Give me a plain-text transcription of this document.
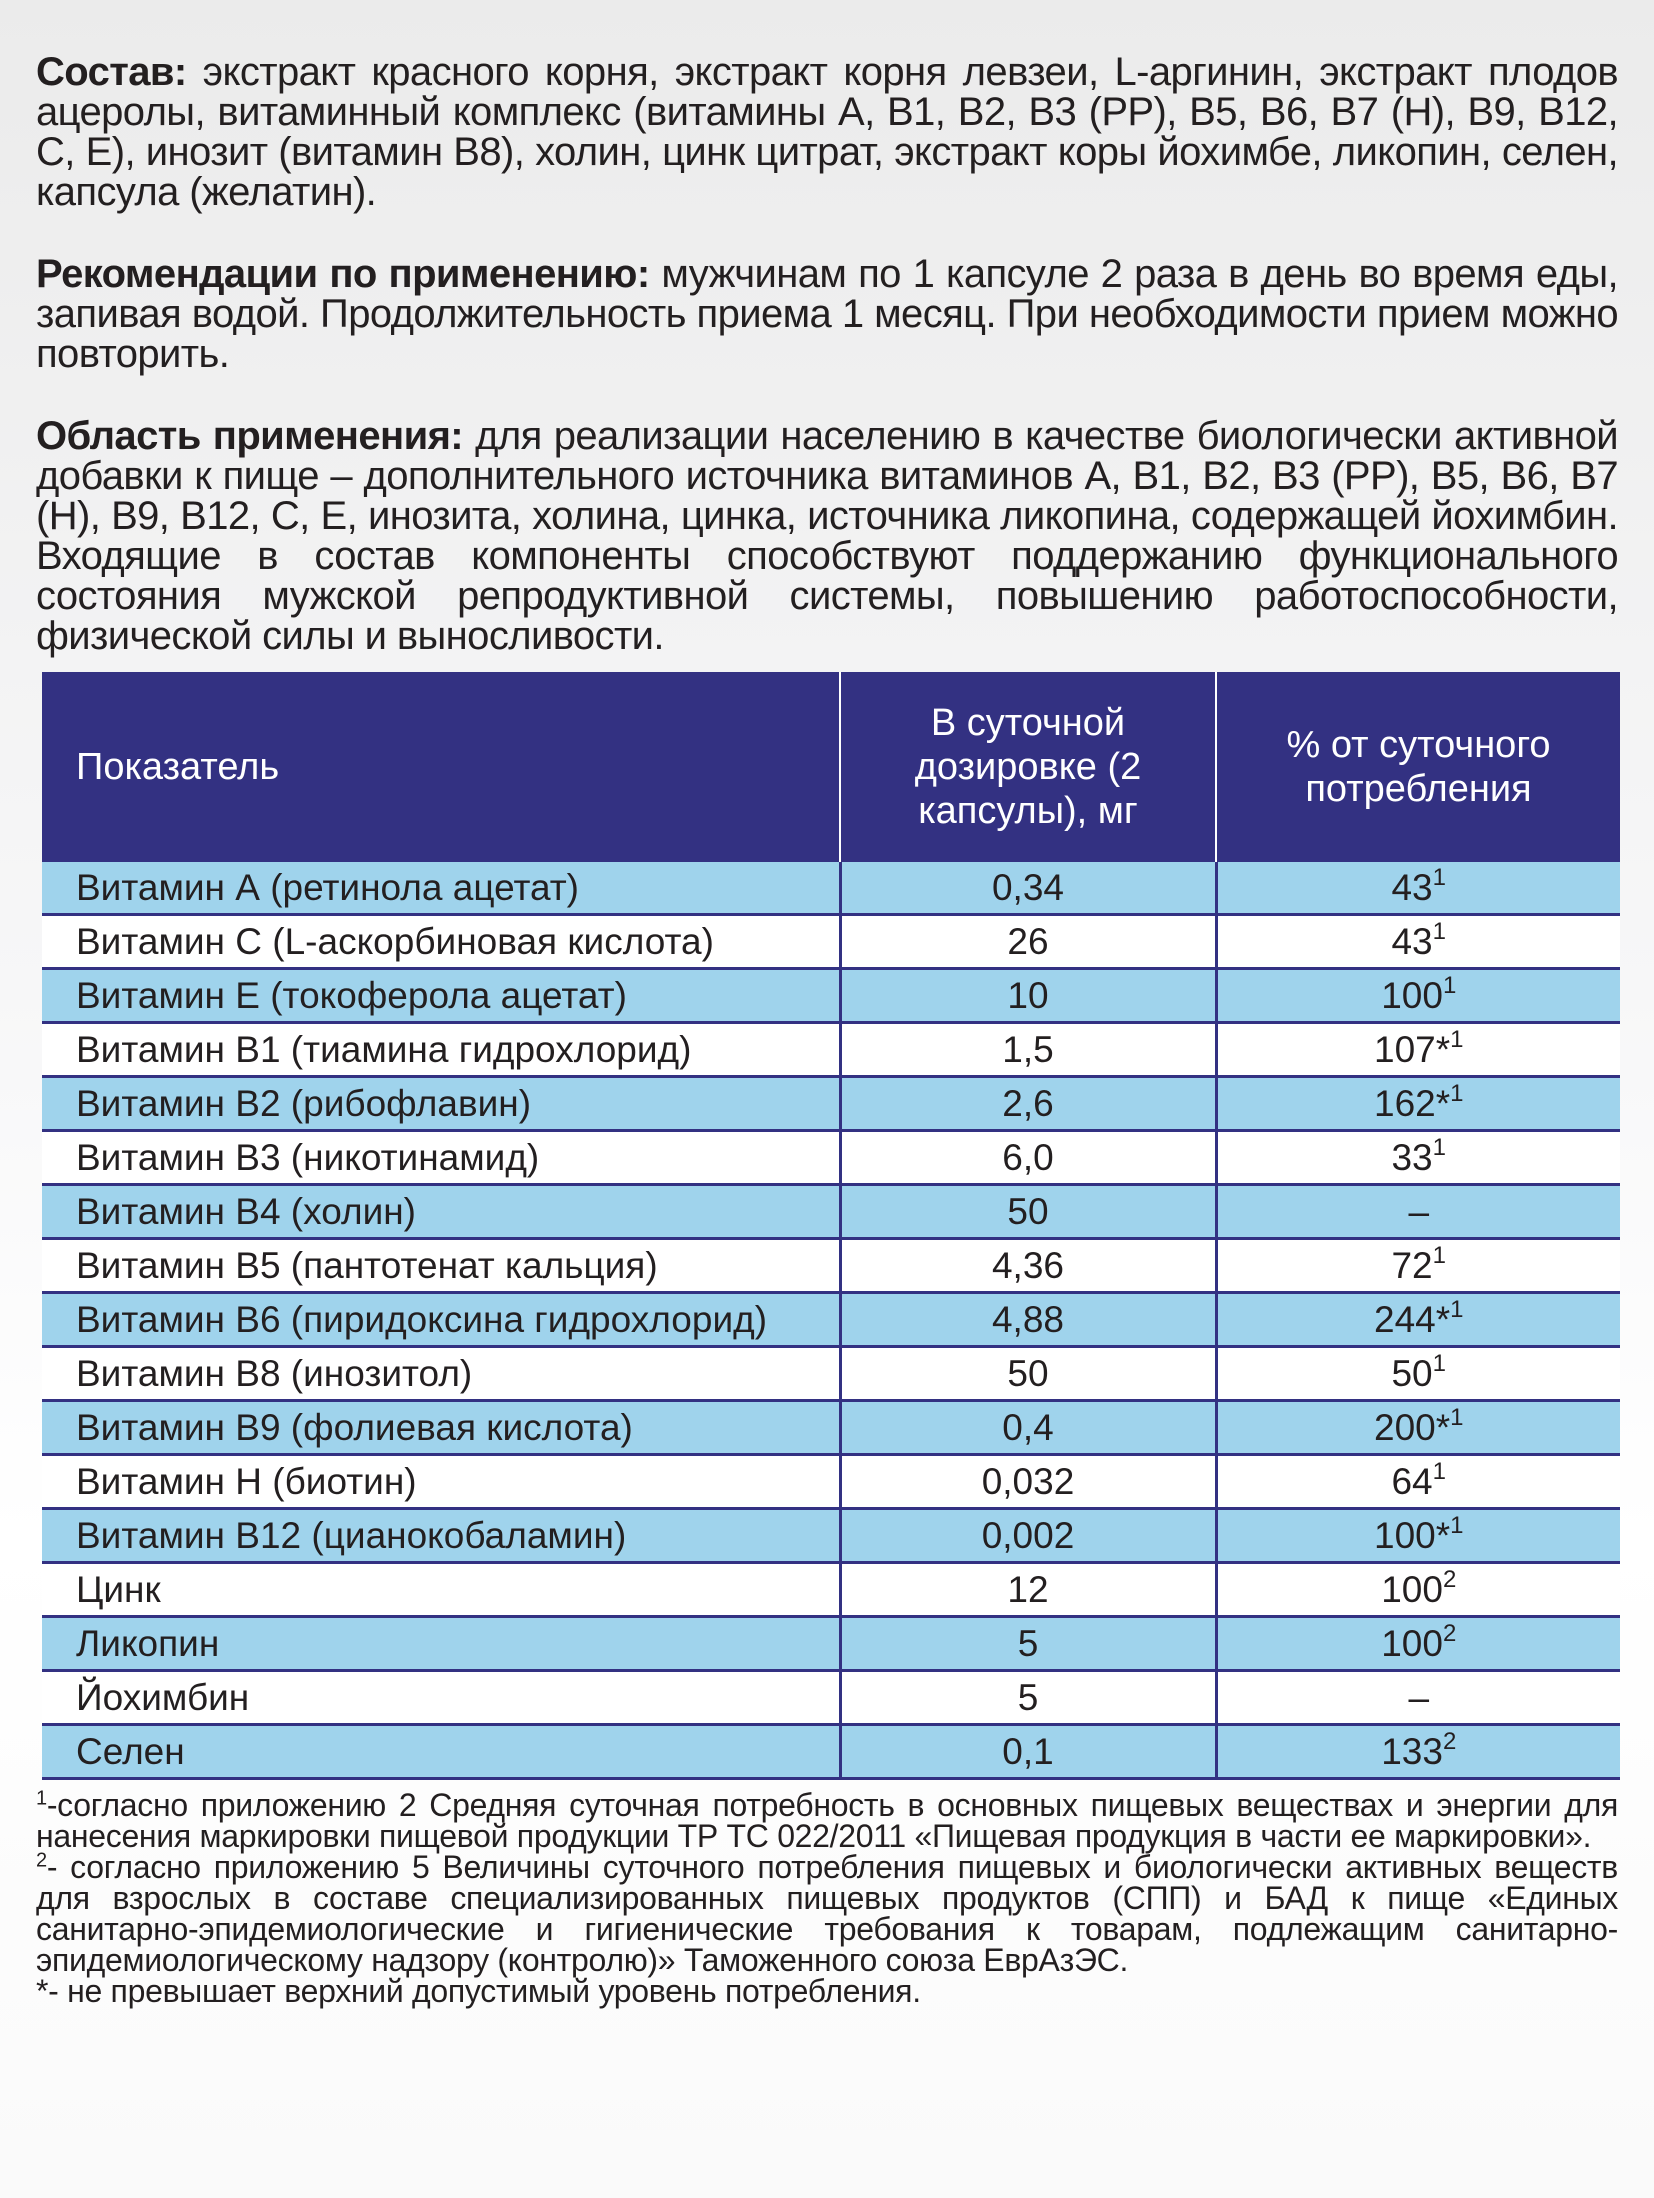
Состав: экстракт красного корня, экстракт корня левзеи, L-аргинин, экстракт плодов ацеролы, витаминный комплекс (витамины А, В1, В2, В3 (РР), В5, В6, В7 (Н), В9, В12, С, Е), инозит (витамин В8), холин, цинк цитрат, экстракт коры йохимбе, ликопин, селен, капсула (желатин).

Рекомендации по применению: мужчинам по 1 капсуле 2 раза в день во время еды, запивая водой. Продолжительность приема 1 месяц. При необходимости прием можно повторить.

Область применения: для реализации населению в качестве биологически активной добавки к пище – дополнительного источника витаминов А, В1, В2, В3 (РР), В5, В6, В7 (Н), В9, В12, С, Е, инозита, холина, цинка, источника ликопина, содержащей йохимбин. Входящие в состав компоненты способствуют поддержанию функционального состояния мужской репродуктивной системы, повышению работоспособности, физической силы и выносливости.

Показатель	В суточной дозировке (2 капсулы), мг	% от суточного потребления
Витамин А (ретинола ацетат)	0,34	$43^1$
Витамин С (L-аскорбиновая кислота)	26	$43^1$
Витамин Е (токоферола ацетат)	10	$100^1$
Витамин В1 (тиамина гидрохлорид)	1,5	107*$^1$
Витамин В2 (рибофлавин)	2,6	162*$^1$
Витамин В3 (никотинамид)	6,0	$33^1$
Витамин В4 (холин)	50	–
Витамин В5 (пантотенат кальция)	4,36	$72^1$
Витамин В6 (пиридоксина гидрохлорид)	4,88	244*$^1$
Витамин В8 (инозитол)	50	$50^1$
Витамин В9 (фолиевая кислота)	0,4	200*$^1$
Витамин Н (биотин)	0,032	$64^1$
Витамин В12 (цианокобаламин)	0,002	100*$^1$
Цинк	12	$100^2$
Ликопин	5	$100^2$
Йохимбин	5	–
Селен	0,1	$133^2$

$^1$-согласно приложению 2 Средняя суточная потребность в основных пищевых веществах и энергии для нанесения маркировки пищевой продукции ТР ТС 022/2011 «Пищевая продукция в части ее маркировки».

$^2$- согласно приложению 5 Величины суточного потребления пищевых и биологически активных веществ для взрослых в составе специализированных пищевых продуктов (СПП) и БАД к пище «Единых санитарно-эпидемиологические и гигиенические требования к товарам, подлежащим санитарно-эпидемиологическому надзору (контролю)» Таможенного союза ЕврАзЭС.

*- не превышает верхний допустимый уровень потребления.
